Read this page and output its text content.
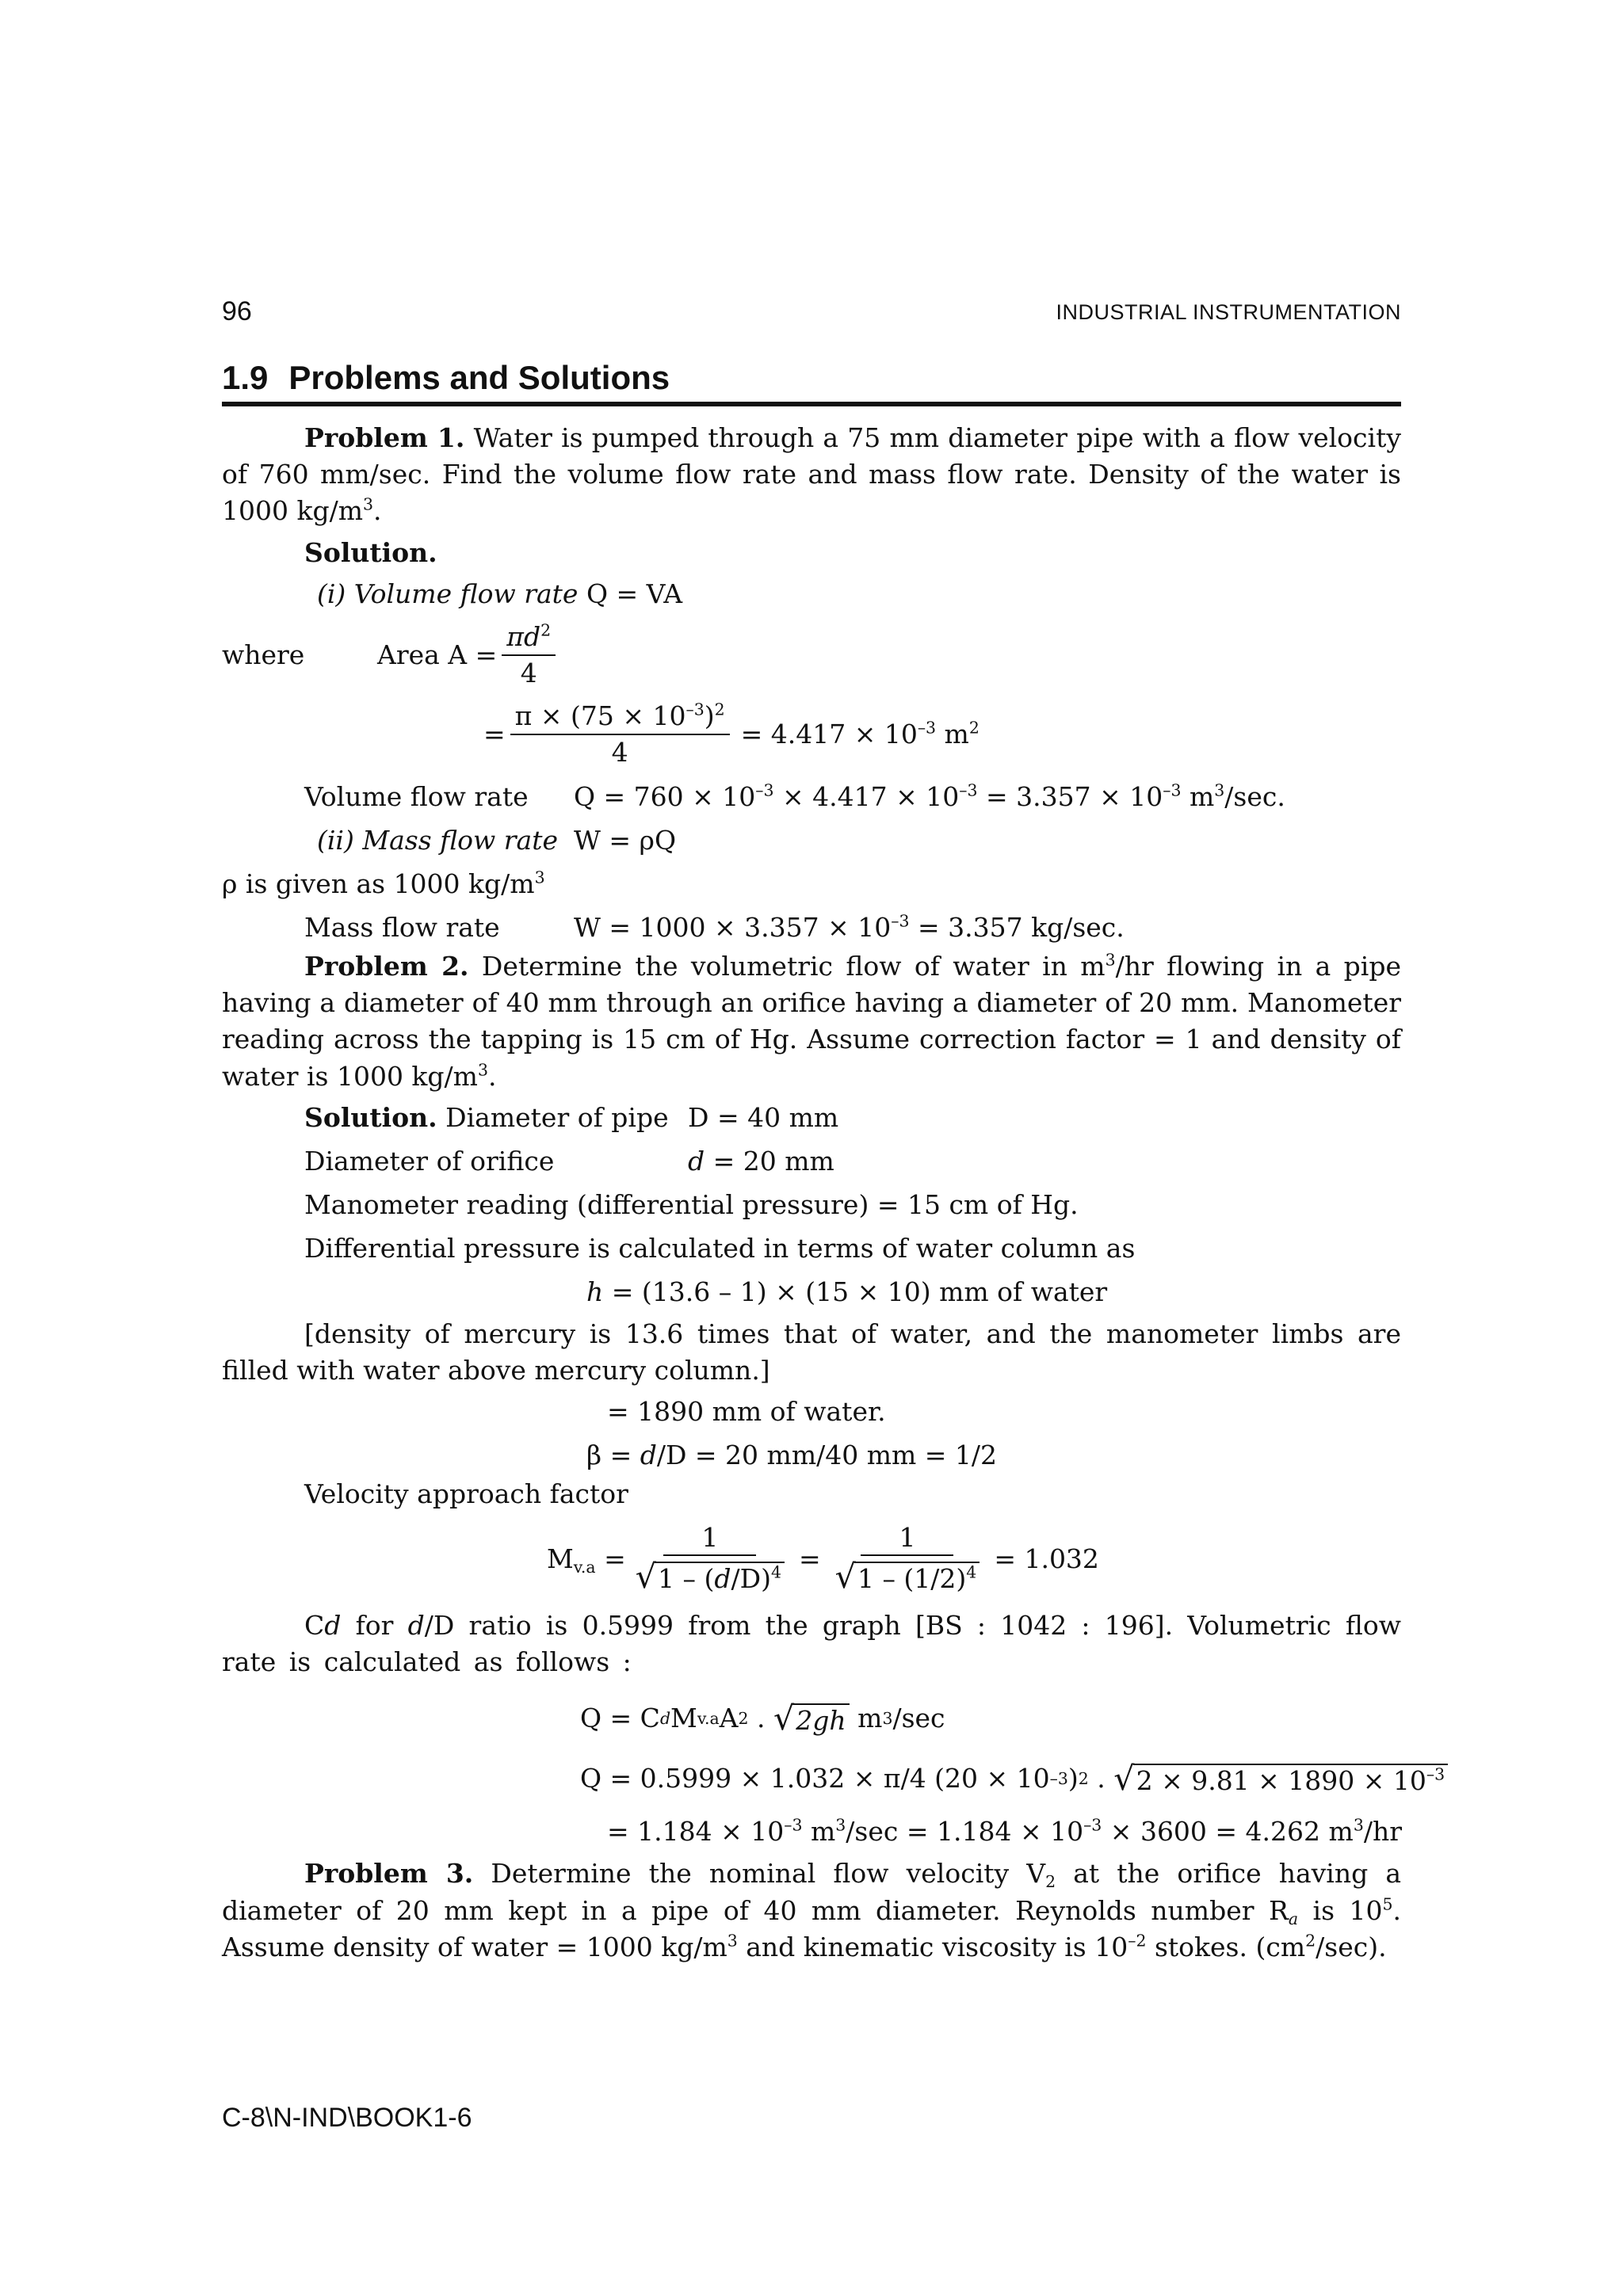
96	INDUSTRIAL INSTRUMENTATION
1.9 Problems and Solutions

Problem 1. Water is pumped through a 75 mm diameter pipe with a flow velocity of 760 mm/sec. Find the volume flow rate and mass flow rate. Density of the water is 1000 $kg/m^3$.

Solution.

(i) Volume flow rate Q = VA

where	Area $A = \frac{\pi d^2}{4}$
= $\frac{\pi \times (75 \times 10^{-3})^2}{4} = 4.417 \times 10^{-3}$ $m^2$
Volume flow rate $Q = 760 \times 10^{-3} \times 4.417 \times 10^{-3} = 3.357 \times 10^{-3}$ $m^3/\sec$.
(ii) Mass flow rate W = ρQ
ρ is given as 1000 $kg/m^3$
Mass flow rate	$W = 1000 \times 3.357 \times 10^{-3} = 3.357$ kg/sec.

Problem 2. Determine the volumetric flow of water in $m^3/hr$ flowing in a pipe having a diameter of 40 mm through an orifice having a diameter of 20 mm. Manometer reading across the tapping is 15 cm of Hg. Assume correction factor = 1 and density of water is 1000 $kg/m^3$.

Solution. Diameter of pipe D = 40 mm
Diameter of orifice	d = 20 mm
Manometer reading (differential pressure) = 15 cm of Hg.
Differential pressure is calculated in terms of water column as
h = (13.6 – 1) × (15 × 10) mm of water

[density of mercury is 13.6 times that of water, and the manometer limbs are filled with water above mercury column.]

= 1890 mm of water.
β = d/D = 20 mm/40 mm = 1/2
Velocity approach factor
$M_{v.a} = \frac{1}{√1 - (d/D)^4} = \frac{1}{√1 - (1/2)^4} = 1.032$

Cd for d/D ratio is 0.5999 from the graph [BS : 1042 : 196]. Volumetric flow rate is calculated as follows :

Q = C d M v.a A 2 . √2gh m 3 /sec
Q = 0.5999 × 1.032 × π/4 (20 × 10 –3 ) 2 . $√2 \times 9.81 \times 1890 \times 10^{-3}$
= $1.184 \times 10^{-3}$ $m^3/\sec = 1.184 \times 10^{-3} \times 3600 = 4.262$ $m^3/hr$

Problem 3. Determine the nominal flow velocity $V_2$ at the orifice having a diameter of 20 mm kept in a pipe of 40 mm diameter. Reynolds number $R_a$ is $10^5$. Assume density of water = 1000 $kg/m^3$ and kinematic viscosity is $10^{-2}$ stokes. $(cm^2/\sec)$.

C-8\N-IND\BOOK1-6
